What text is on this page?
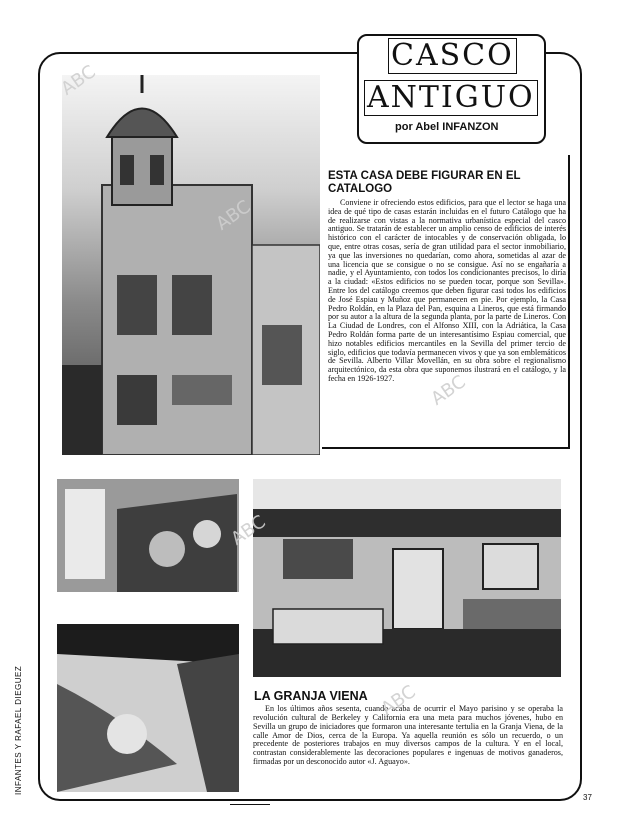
ESTA CASA DEBE FIGURAR EN EL CATALOGO
Conviene ir ofreciendo estos edificios, para que el lector se haga una idea de qué tipo de casas estarán incluidas en el futuro Catálogo que ha de realizarse con vistas a la normativa urbanística especial del casco antiguo. Se tratarán de establecer un amplio censo de edificios de interés histórico con el carácter de intocables y de conservación obligada, lo que, entre otras cosas, sería de gran utilidad para el sector inmobiliario, ya que las inversiones no quedarían, como ahora, sometidas al azar de una licencia que se consigue o no se consigue. Así no se engañaría a nadie, y el Ayuntamiento, con todos los condicionantes precisos, lo diría a la ciudad: «Estos edificios no se pueden tocar, porque son Sevilla». Entre los del catálogo creemos que deben figurar casi todos los edificios de José Espiau y Muñoz que permanecen en pie. Por ejemplo, la Casa Pedro Roldán, en la Plaza del Pan, esquina a Lineros, que está firmando por su autor a la altura de la segunda planta, por la parte de Lineros. Con La Ciudad de Londres, con el Alfonso XIII, con la Adriática, la Casa Pedro Roldán forma parte de un interesantísimo Espiau comercial, que hizo notables edificios mercantiles en la Sevilla del primer tercio de siglo, edificios que todavía permanecen vivos y que ya son emblemáticos de Sevilla. Alberto Villar Movellán, en su obra sobre el regionalismo arquitectónico, da esta obra que suponemos ilustrará en el catálogo, y la fecha en 1926-1927.
LA GRANJA VIENA
En los últimos años sesenta, cuando acaba de ocurrir el Mayo parisino y se operaba la revolución cultural de Berkeley y California era una meta para muchos jóvenes, hubo en Sevilla un grupo de iniciadores que formaron una interesante tertulia en la Granja Viena, de la calle Amor de Dios, cerca de la Europa. Ya aquella reunión es sólo un recuerdo, o un precedente de posteriores trabajos en muy diversos campos de la cultura. Y en el local, contrastan considerablemente las decoraciones populares e ingenuas de motivos ganaderos, firmadas por un desconocido autor «J. Aguayo».
CASCO
ANTIGUO
por Abel INFANZON
INFANTES Y RAFAEL DIEGUEZ
37
ABC
ABC
ABC
ABC
ABC
